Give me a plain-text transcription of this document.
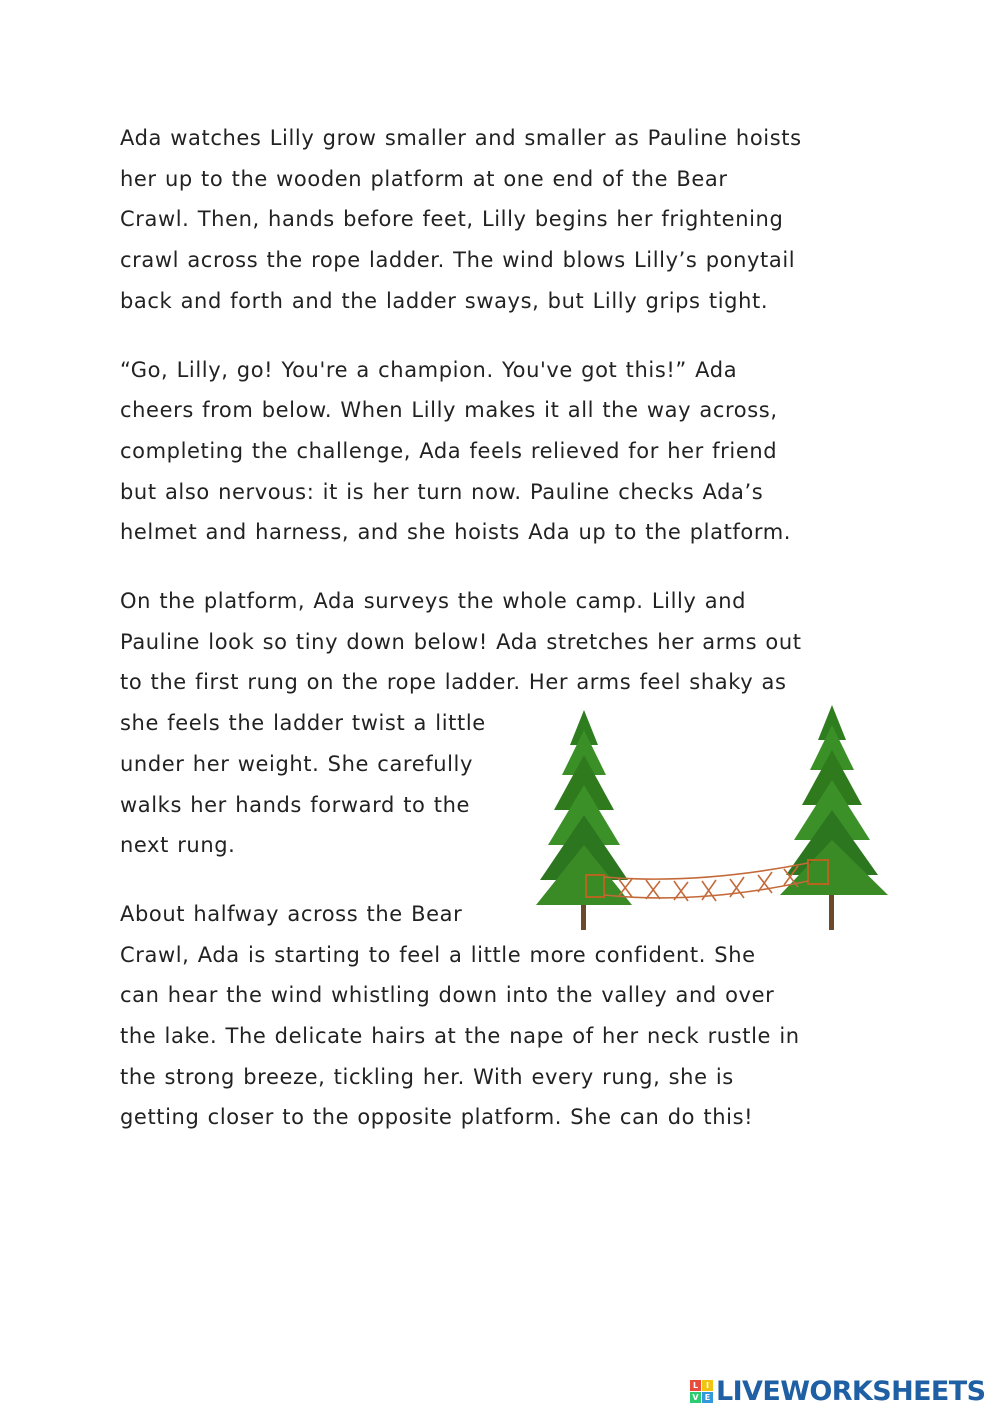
Ada watches Lilly grow smaller and smaller as Pauline hoists
her up to the wooden platform at one end of the Bear
Crawl. Then, hands before feet, Lilly begins her frightening
crawl across the rope ladder. The wind blows Lilly’s ponytail
back and forth and the ladder sways, but Lilly grips tight.

“Go, Lilly, go! You're a champion. You've got this!” Ada
cheers from below. When Lilly makes it all the way across,
completing the challenge, Ada feels relieved for her friend
but also nervous: it is her turn now. Pauline checks Ada’s
helmet and harness, and she hoists Ada up to the platform.

On the platform, Ada surveys the whole camp. Lilly and
Pauline look so tiny down below! Ada stretches her arms out
to the first rung on the rope ladder. Her arms feel shaky as
she feels the ladder twist a little
under her weight. She carefully
walks her hands forward to the
next rung.

About halfway across the Bear
Crawl, Ada is starting to feel a little more confident. She
can hear the wind whistling down into the valley and over
the lake. The delicate hairs at the nape of her neck rustle in
the strong breeze, tickling her. With every rung, she is
getting closer to the opposite platform. She can do this!

L I
V E LIVEWORKSHEETS
